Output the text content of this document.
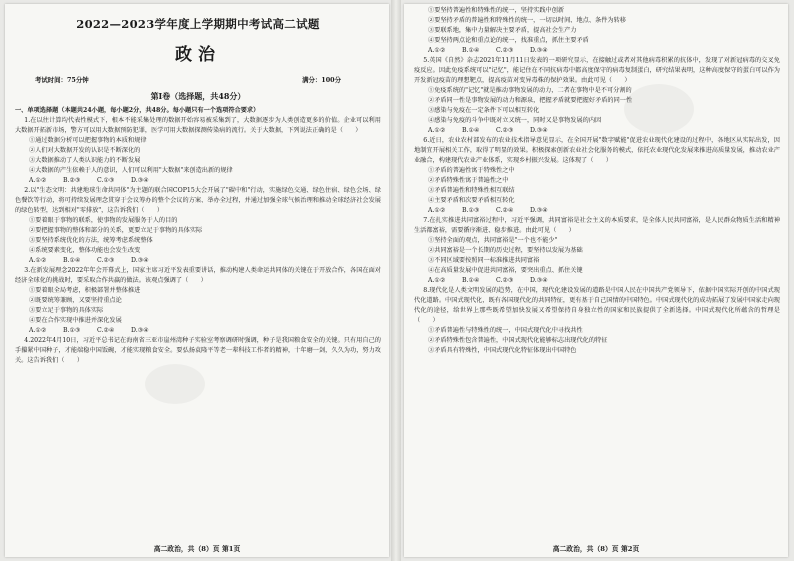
2022—2023学年度上学期期中考试高二试题
政治
考试时间：75分钟	满分：100分
第Ⅰ卷（选择题，共48分）
一、单项选择题（本题共24小题，每小题2分，共48分。每小题只有一个选项符合要求）

1.在以往计算均代表性模式下，根本不能采集处理的数据开始容易被采集到了，大数据逐步为人类创造更多的价值。企业可以利用大数据开拓新市场，警方可以用大数据预防犯罪，医学可用大数据探测传染病的流行。关于大数据，下列说法正确的是（　　）

①通过数据分析可以把握事物的本质和规律

②人们对大数据开发的认识是不断深化的

③大数据推动了人类认识能力的不断发展

④大数据的产生依赖于人的意识，人们可以利用"大数据"来创造出新的规律

A.①②	B.②③	C.①③	D.③④

2.以"生态文明：共建地球生命共同体"为主题的联合国COP15大会开展了"碳中和"行动，实施绿色交通、绿色住宿、绿色会场、绿色餐饮等行动，将可持续发展理念贯穿于会议筹办的整个会议的方案、举办全过程，并通过加强全球气候治理和推动全球经济社会发展的绿色转型，达到相对"零排放"，这告诉我们（　　）

①要着眼于事物的联系，使事物的发展服务于人的目的

②要把握事物的整体和部分的关系，更要立足于事物的具体实际

③要坚持系统优化的方法，统筹考虑系统整体

④系统要素变化，整体功能也会发生改变

A.①②	B.①④	C.②③	D.③④

3.在新发展理念2022年年会开幕式上，国家主席习近平发表重要讲话，推动构建人类命运共同体的关键在于开放合作，各国在面对经济全球化的挑战时，要采取合作共赢的做法。该观点强调了（　　）

①要着眼全局考虑，积极部署并整体推进

②既要统筹兼顾，又要坚持重点论

③要立足于事物的具体实际

④要在合作实现中推进并深化发展

A.①②	B.①③	C.②④	D.③④

4.2022年4月10日，习近平总书记在海南省三亚市崖州湾种子实验室考察调研时强调，种子是我国粮食安全的关键。只有用自己的手攥紧中国种子，才能端稳中国饭碗，才能实现粮食安全。要弘扬袁隆平等老一辈科技工作者的精神，十年磨一剑，久久为功，努力攻关。这告诉我们（　　）

高二政治，共（8）页 第1页

①要坚持普遍性和特殊性的统一，坚持实践中创新

②要坚持矛盾的普遍性和特殊性的统一，一切以时间、地点、条件为转移

③要联系地，集中力量解决主要矛盾，提高社会生产力

④要坚持两点论和重点论的统一，找准重点，抓住主要矛盾

A.①②	B.①④	C.②③	D.③④

5.英国《自然》杂志2021年11月11日发表的一项研究显示，在接触过或者对其他病毒积累的抗体中，发现了对新冠病毒的交叉免疫反应。因此免疫系统可以"记忆"，能记住在不同抗病毒中都高度保守的病毒复制蛋白，研究结果表明，这种高度保守的蛋白可以作为开发新冠疫苗的理想靶点，提高疫苗对变异毒株的保护效果。由此可见（　　）

①免疫系统的"记忆"就是推动事物发展的动力，二者在事物中是不可分割的

②矛盾同一性是事物发展的动力和源泉，把握矛盾就要把握好矛盾的同一性

③感染与免疫在一定条件下可以相互转化

④感染与免疫的斗争中既对立又统一，同时又是事物发展的内因

A.①②	B.①④	C.②③	D.③④

6.近日，农业农村部发布的农业技术指导意见显示，在全国开展"数字赋能"促进农业现代化建设的过程中，各地区从实际出发，因地制宜开展相关工作，取得了明显的效果。积极探索创新农业社会化服务的模式，依托农业现代化发展来推进高质量发展，推动农业产业融合，构建现代农业产业体系，实现乡村振兴发展。这体现了（　　）

①矛盾的普遍性寓于特殊性之中

②矛盾特殊性寓于普遍性之中

③矛盾普遍性和特殊性相互联结

④主要矛盾和次要矛盾相互转化

A.①②	B.①③	C.②④	D.③④

7.在扎实推进共同富裕过程中，习近平强调，共同富裕是社会主义的本质要求，是全体人民共同富裕，是人民群众物质生活和精神生活都富裕，需要循序渐进、稳步推进。由此可见（　　）

①坚持全面的观点，共同富裕是"一个也不能少"

②共同富裕是一个长期的历史过程，要坚持以发展为基础

③不同区域要按照同一标准推进共同富裕

④在高质量发展中促进共同富裕，要突出重点、抓住关键

A.①②	B.①④	C.②③	D.③④

8.现代化是人类文明发展的趋势，在中国，现代化建设发展的道路是中国人民在中国共产党领导下，依据中国实际开创的中国式现代化道路。中国式现代化，既有各国现代化的共同特征，更有基于自己国情的中国特色。中国式现代化的成功拓展了发展中国家走向现代化的途径，给世界上那些既希望加快发展又希望保持自身独立性的国家和民族提供了全新选择。中国式现代化所蕴含的哲理是（　　）

①矛盾普遍性与特殊性的统一，中国式现代化中寻找共性

②矛盾特殊性包含普遍性，中国式现代化能够标志出现代化的特征

③矛盾具有特殊性，中国式现代化特征体现出中国特色

高二政治，共（8）页 第2页
